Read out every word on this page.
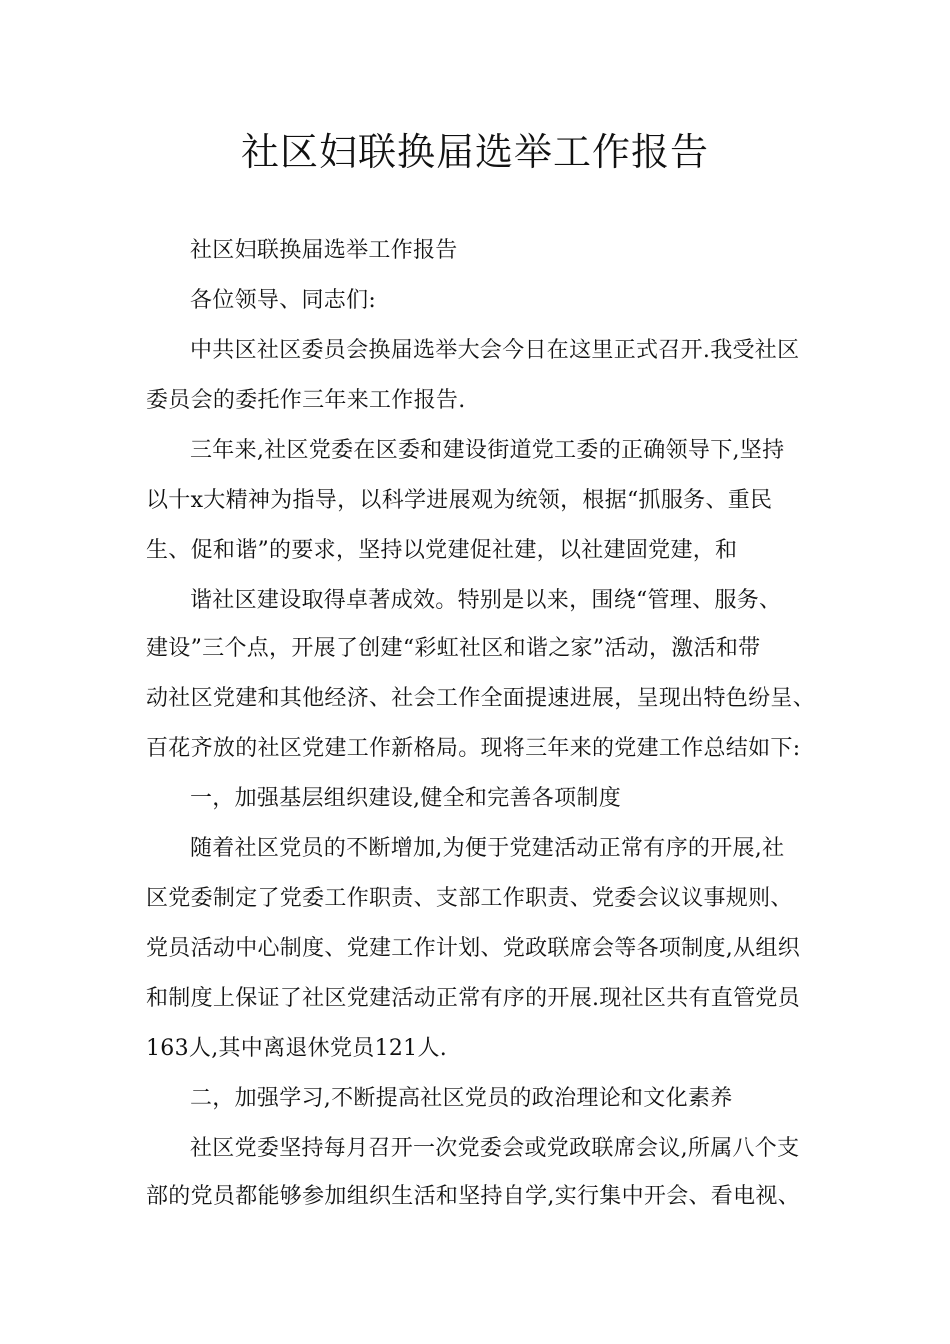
社区妇联换届选举工作报告
社区妇联换届选举工作报告
各位领导、同志们:
中共区社区委员会换届选举大会今日在这里正式召开.我受社区
委员会的委托作三年来工作报告.
三年来,社区党委在区委和建设街道党工委的正确领导下,坚持
以十x大精神为指导，以科学进展观为统领，根据“抓服务、重民
生、促和谐”的要求，坚持以党建促社建，以社建固党建，和
谐社区建设取得卓著成效。特别是以来，围绕“管理、服务、
建设”三个点，开展了创建“彩虹社区和谐之家”活动，激活和带
动社区党建和其他经济、社会工作全面提速进展，呈现出特色纷呈、
百花齐放的社区党建工作新格局。现将三年来的党建工作总结如下:
一，加强基层组织建设,健全和完善各项制度
随着社区党员的不断增加,为便于党建活动正常有序的开展,社
区党委制定了党委工作职责、支部工作职责、党委会议议事规则、
党员活动中心制度、党建工作计划、党政联席会等各项制度,从组织
和制度上保证了社区党建活动正常有序的开展.现社区共有直管党员
163人,其中离退休党员121人.
二，加强学习,不断提高社区党员的政治理论和文化素养
社区党委坚持每月召开一次党委会或党政联席会议,所属八个支
部的党员都能够参加组织生活和坚持自学,实行集中开会、看电视、
